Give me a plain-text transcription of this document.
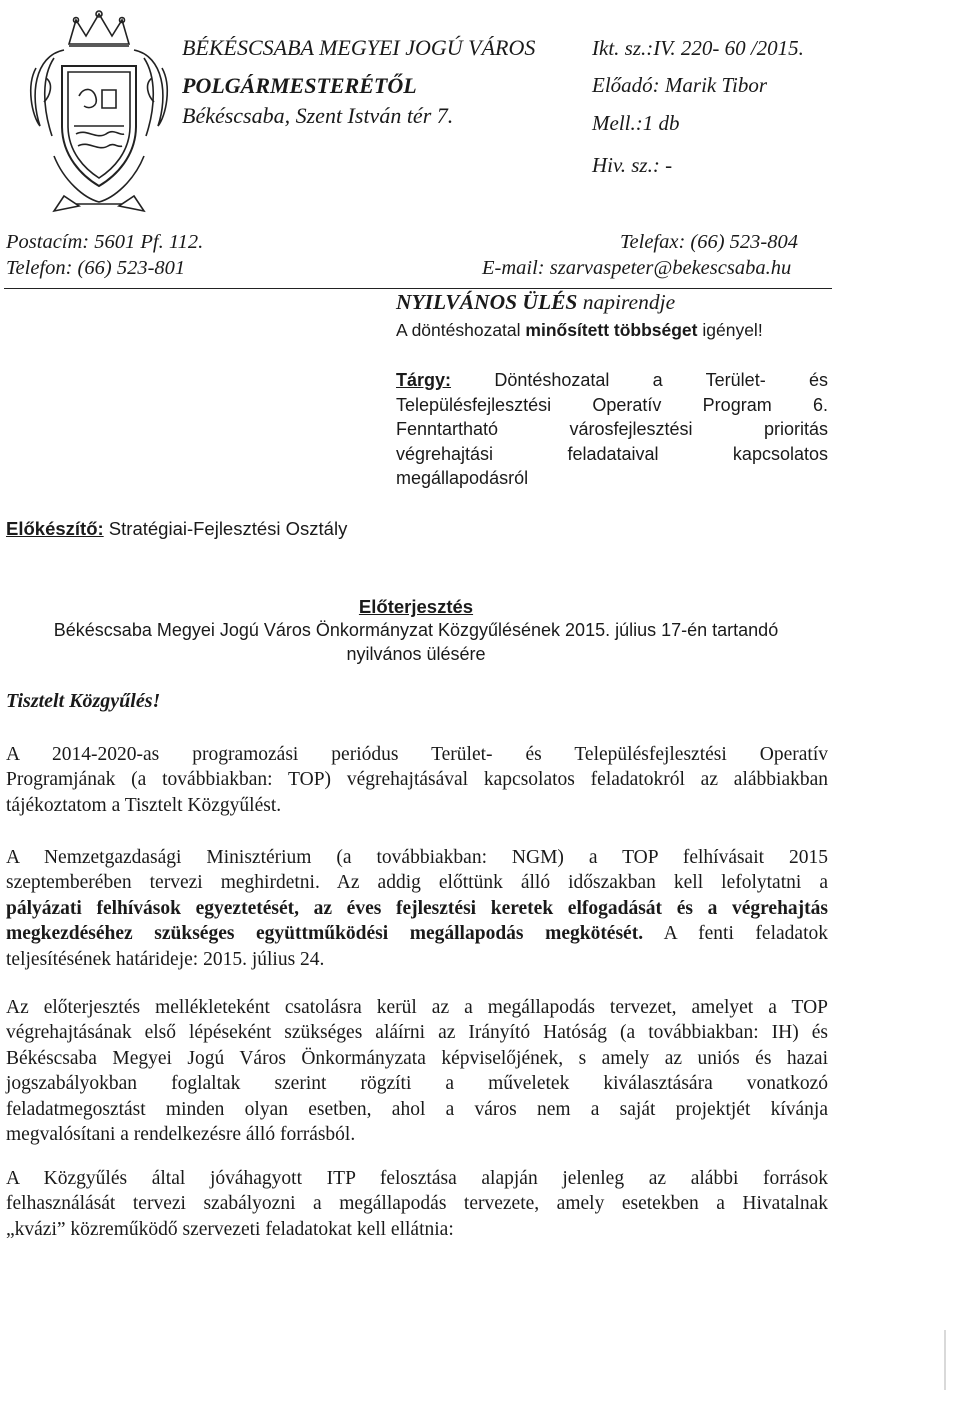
BÉKÉSCSABA MEGYEI JOGÚ VÁROS
POLGÁRMESTERÉTŐL
Békéscsaba, Szent István tér 7.
Ikt. sz.:IV. 220- 60 /2015.
Előadó: Marik Tibor
Mell.:1 db
Hiv. sz.: -
Postacím: 5601 Pf. 112.
Telefon: (66) 523-801
Telefax: (66) 523-804
E-mail: szarvaspeter@bekescsaba.hu
NYILVÁNOS ÜLÉS napirendje
A döntéshozatal minősített többséget igényel!
Tárgy: Döntéshozatal a Terület- és
Településfejlesztési Operatív Program 6.
Fenntartható városfejlesztési prioritás
végrehajtási feladataival kapcsolatos
megállapodásról
Előkészítő: Stratégiai-Fejlesztési Osztály
Előterjesztés
Békéscsaba Megyei Jogú Város Önkormányzat Közgyűlésének 2015. július 17-én tartandó
nyilvános ülésére
Tisztelt Közgyűlés!
A 2014-2020-as programozási periódus Terület- és Településfejlesztési Operatív
Programjának (a továbbiakban: TOP) végrehajtásával kapcsolatos feladatokról az alábbiakban
tájékoztatom a Tisztelt Közgyűlést.
A Nemzetgazdasági Minisztérium (a továbbiakban: NGM) a TOP felhívásait 2015
szeptemberében tervezi meghirdetni. Az addig előttünk álló időszakban kell lefolytatni a
pályázati felhívások egyeztetését, az éves fejlesztési keretek elfogadását és a végrehajtás
megkezdéséhez szükséges együttműködési megállapodás megkötését. A fenti feladatok
teljesítésének határideje: 2015. július 24.
Az előterjesztés mellékleteként csatolásra kerül az a megállapodás tervezet, amelyet a TOP
végrehajtásának első lépéseként szükséges aláírni az Irányító Hatóság (a továbbiakban: IH) és
Békéscsaba Megyei Jogú Város Önkormányzata képviselőjének, s amely az uniós és hazai
jogszabályokban foglaltak szerint rögzíti a műveletek kiválasztására vonatkozó
feladatmegosztást minden olyan esetben, ahol a város nem a saját projektjét kívánja
megvalósítani a rendelkezésre álló forrásból.
A Közgyűlés által jóváhagyott ITP felosztása alapján jelenleg az alábbi források
felhasználását tervezi szabályozni a megállapodás tervezete, amely esetekben a Hivatalnak
„kvázi” közreműködő szervezeti feladatokat kell ellátnia:
